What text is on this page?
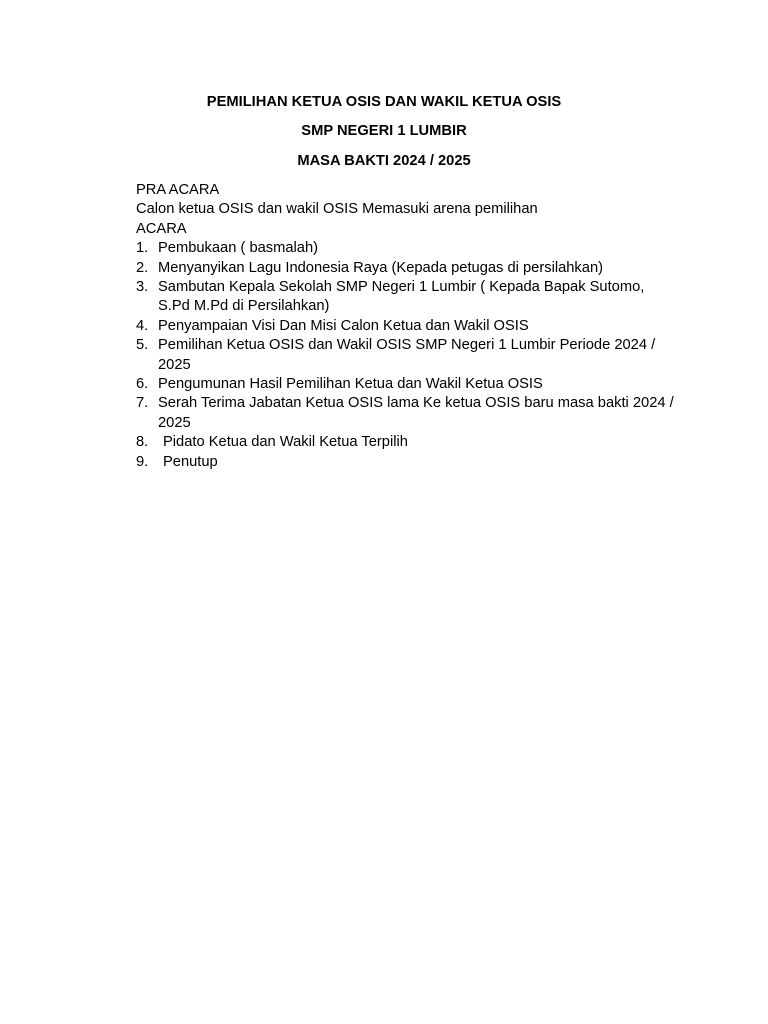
PEMILIHAN KETUA OSIS DAN WAKIL KETUA OSIS
SMP NEGERI 1 LUMBIR
MASA BAKTI 2024 / 2025
PRA ACARA
Calon ketua OSIS dan wakil OSIS Memasuki arena pemilihan
ACARA
1. Pembukaan ( basmalah)
2. Menyanyikan Lagu Indonesia Raya (Kepada petugas di persilahkan)
3. Sambutan Kepala Sekolah SMP Negeri 1 Lumbir ( Kepada Bapak Sutomo, S.Pd M.Pd di Persilahkan)
4. Penyampaian Visi Dan Misi Calon Ketua dan Wakil OSIS
5. Pemilihan Ketua OSIS dan Wakil OSIS SMP Negeri 1 Lumbir Periode 2024 / 2025
6. Pengumunan Hasil Pemilihan Ketua dan Wakil Ketua OSIS
7. Serah Terima Jabatan Ketua OSIS lama Ke ketua OSIS baru masa bakti 2024 / 2025
8.	Pidato Ketua dan Wakil Ketua Terpilih
9.	Penutup
